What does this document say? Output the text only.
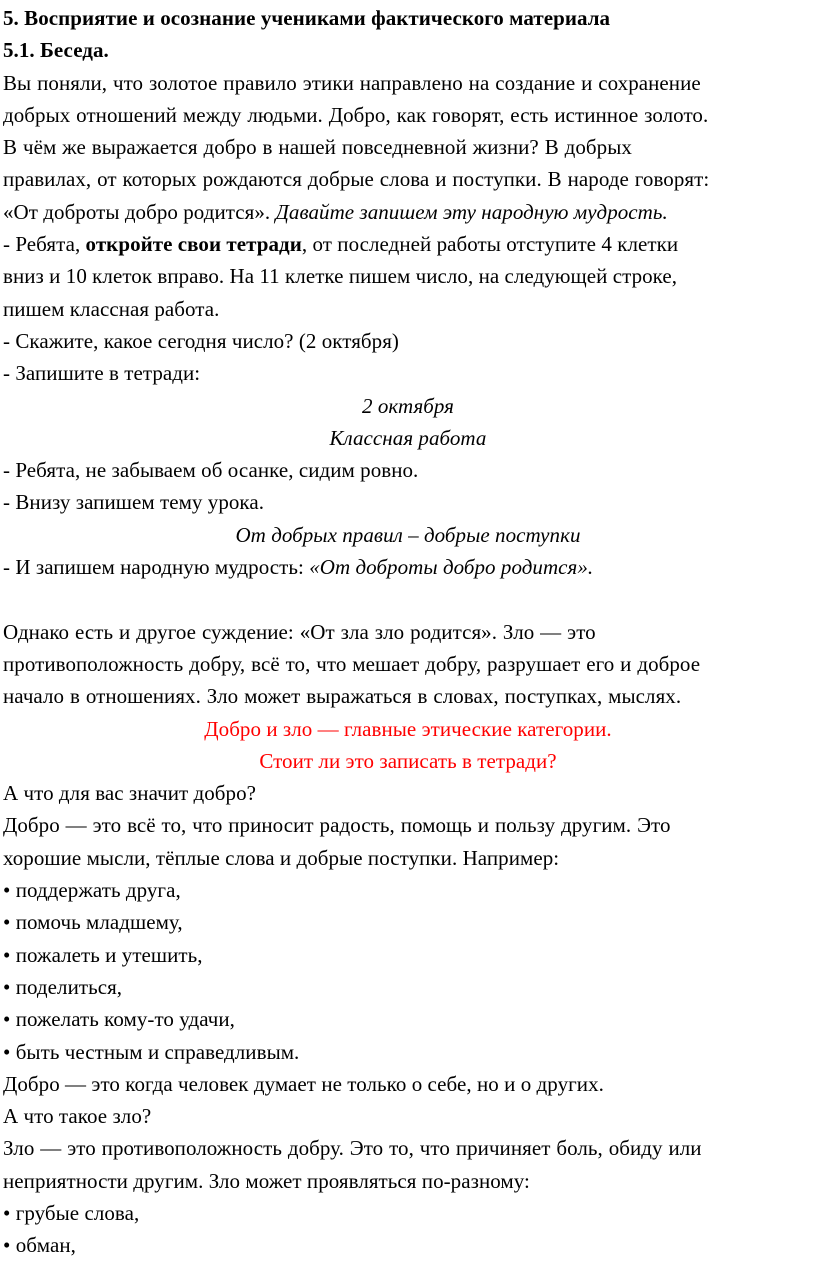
5. Восприятие и осознание учениками фактического материала

5.1. Беседа.

Вы поняли, что золотое правило этики направлено на создание и сохранение

добрых отношений между людьми. Добро, как говорят, есть истинное золото.

В чём же выражается добро в нашей повседневной жизни? В добрых

правилах, от которых рождаются добрые слова и поступки. В народе говорят:

«От доброты добро родится». Давайте запишем эту народную мудрость.

- Ребята, откройте свои тетради, от последней работы отступите 4 клетки

вниз и 10 клеток вправо. На 11 клетке пишем число, на следующей строке,

пишем классная работа.

- Скажите, какое сегодня число? (2 октября)

- Запишите в тетради:

2 октября

Классная работа

- Ребята, не забываем об осанке, сидим ровно.

- Внизу запишем тему урока.

От добрых правил – добрые поступки

- И запишем народную мудрость: «От доброты добро родится».

Однако есть и другое суждение: «От зла зло родится». Зло — это

противоположность добру, всё то, что мешает добру, разрушает его и доброе

начало в отношениях. Зло может выражаться в словах, поступках, мыслях.

Добро и зло — главные этические категории.

Стоит ли это записать в тетради?

А что для вас значит добро?

Добро — это всё то, что приносит радость, помощь и пользу другим. Это

хорошие мысли, тёплые слова и добрые поступки. Например:

• поддержать друга,

• помочь младшему,

• пожалеть и утешить,

• поделиться,

• пожелать кому-то удачи,

• быть честным и справедливым.

Добро — это когда человек думает не только о себе, но и о других.

А что такое зло?

Зло — это противоположность добру. Это то, что причиняет боль, обиду или

неприятности другим. Зло может проявляться по-разному:

• грубые слова,

• обман,
